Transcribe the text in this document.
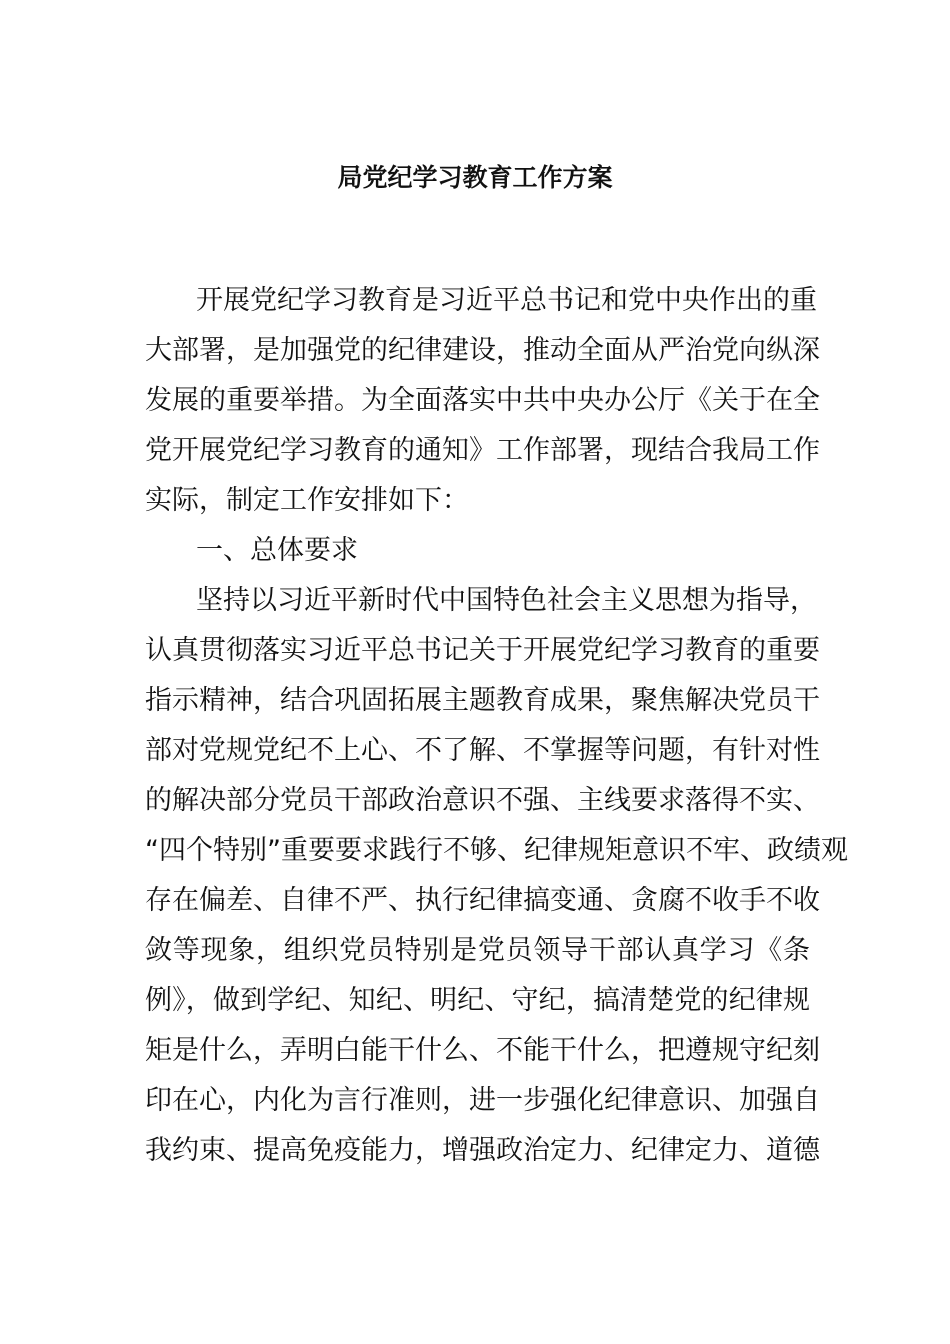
局党纪学习教育工作方案
开展党纪学习教育是习近平总书记和党中央作出的重
大部署，是加强党的纪律建设，推动全面从严治党向纵深
发展的重要举措。为全面落实中共中央办公厅《关于在全
党开展党纪学习教育的通知》工作部署，现结合我局工作
实际，制定工作安排如下：
一、总体要求
坚持以习近平新时代中国特色社会主义思想为指导，
认真贯彻落实习近平总书记关于开展党纪学习教育的重要
指示精神，结合巩固拓展主题教育成果，聚焦解决党员干
部对党规党纪不上心、不了解、不掌握等问题，有针对性
的解决部分党员干部政治意识不强、主线要求落得不实、
“四个特别”重要要求践行不够、纪律规矩意识不牢、政绩观
存在偏差、自律不严、执行纪律搞变通、贪腐不收手不收
敛等现象，组织党员特别是党员领导干部认真学习《条
例》，做到学纪、知纪、明纪、守纪，搞清楚党的纪律规
矩是什么，弄明白能干什么、不能干什么，把遵规守纪刻
印在心，内化为言行准则，进一步强化纪律意识、加强自
我约束、提高免疫能力，增强政治定力、纪律定力、道德
